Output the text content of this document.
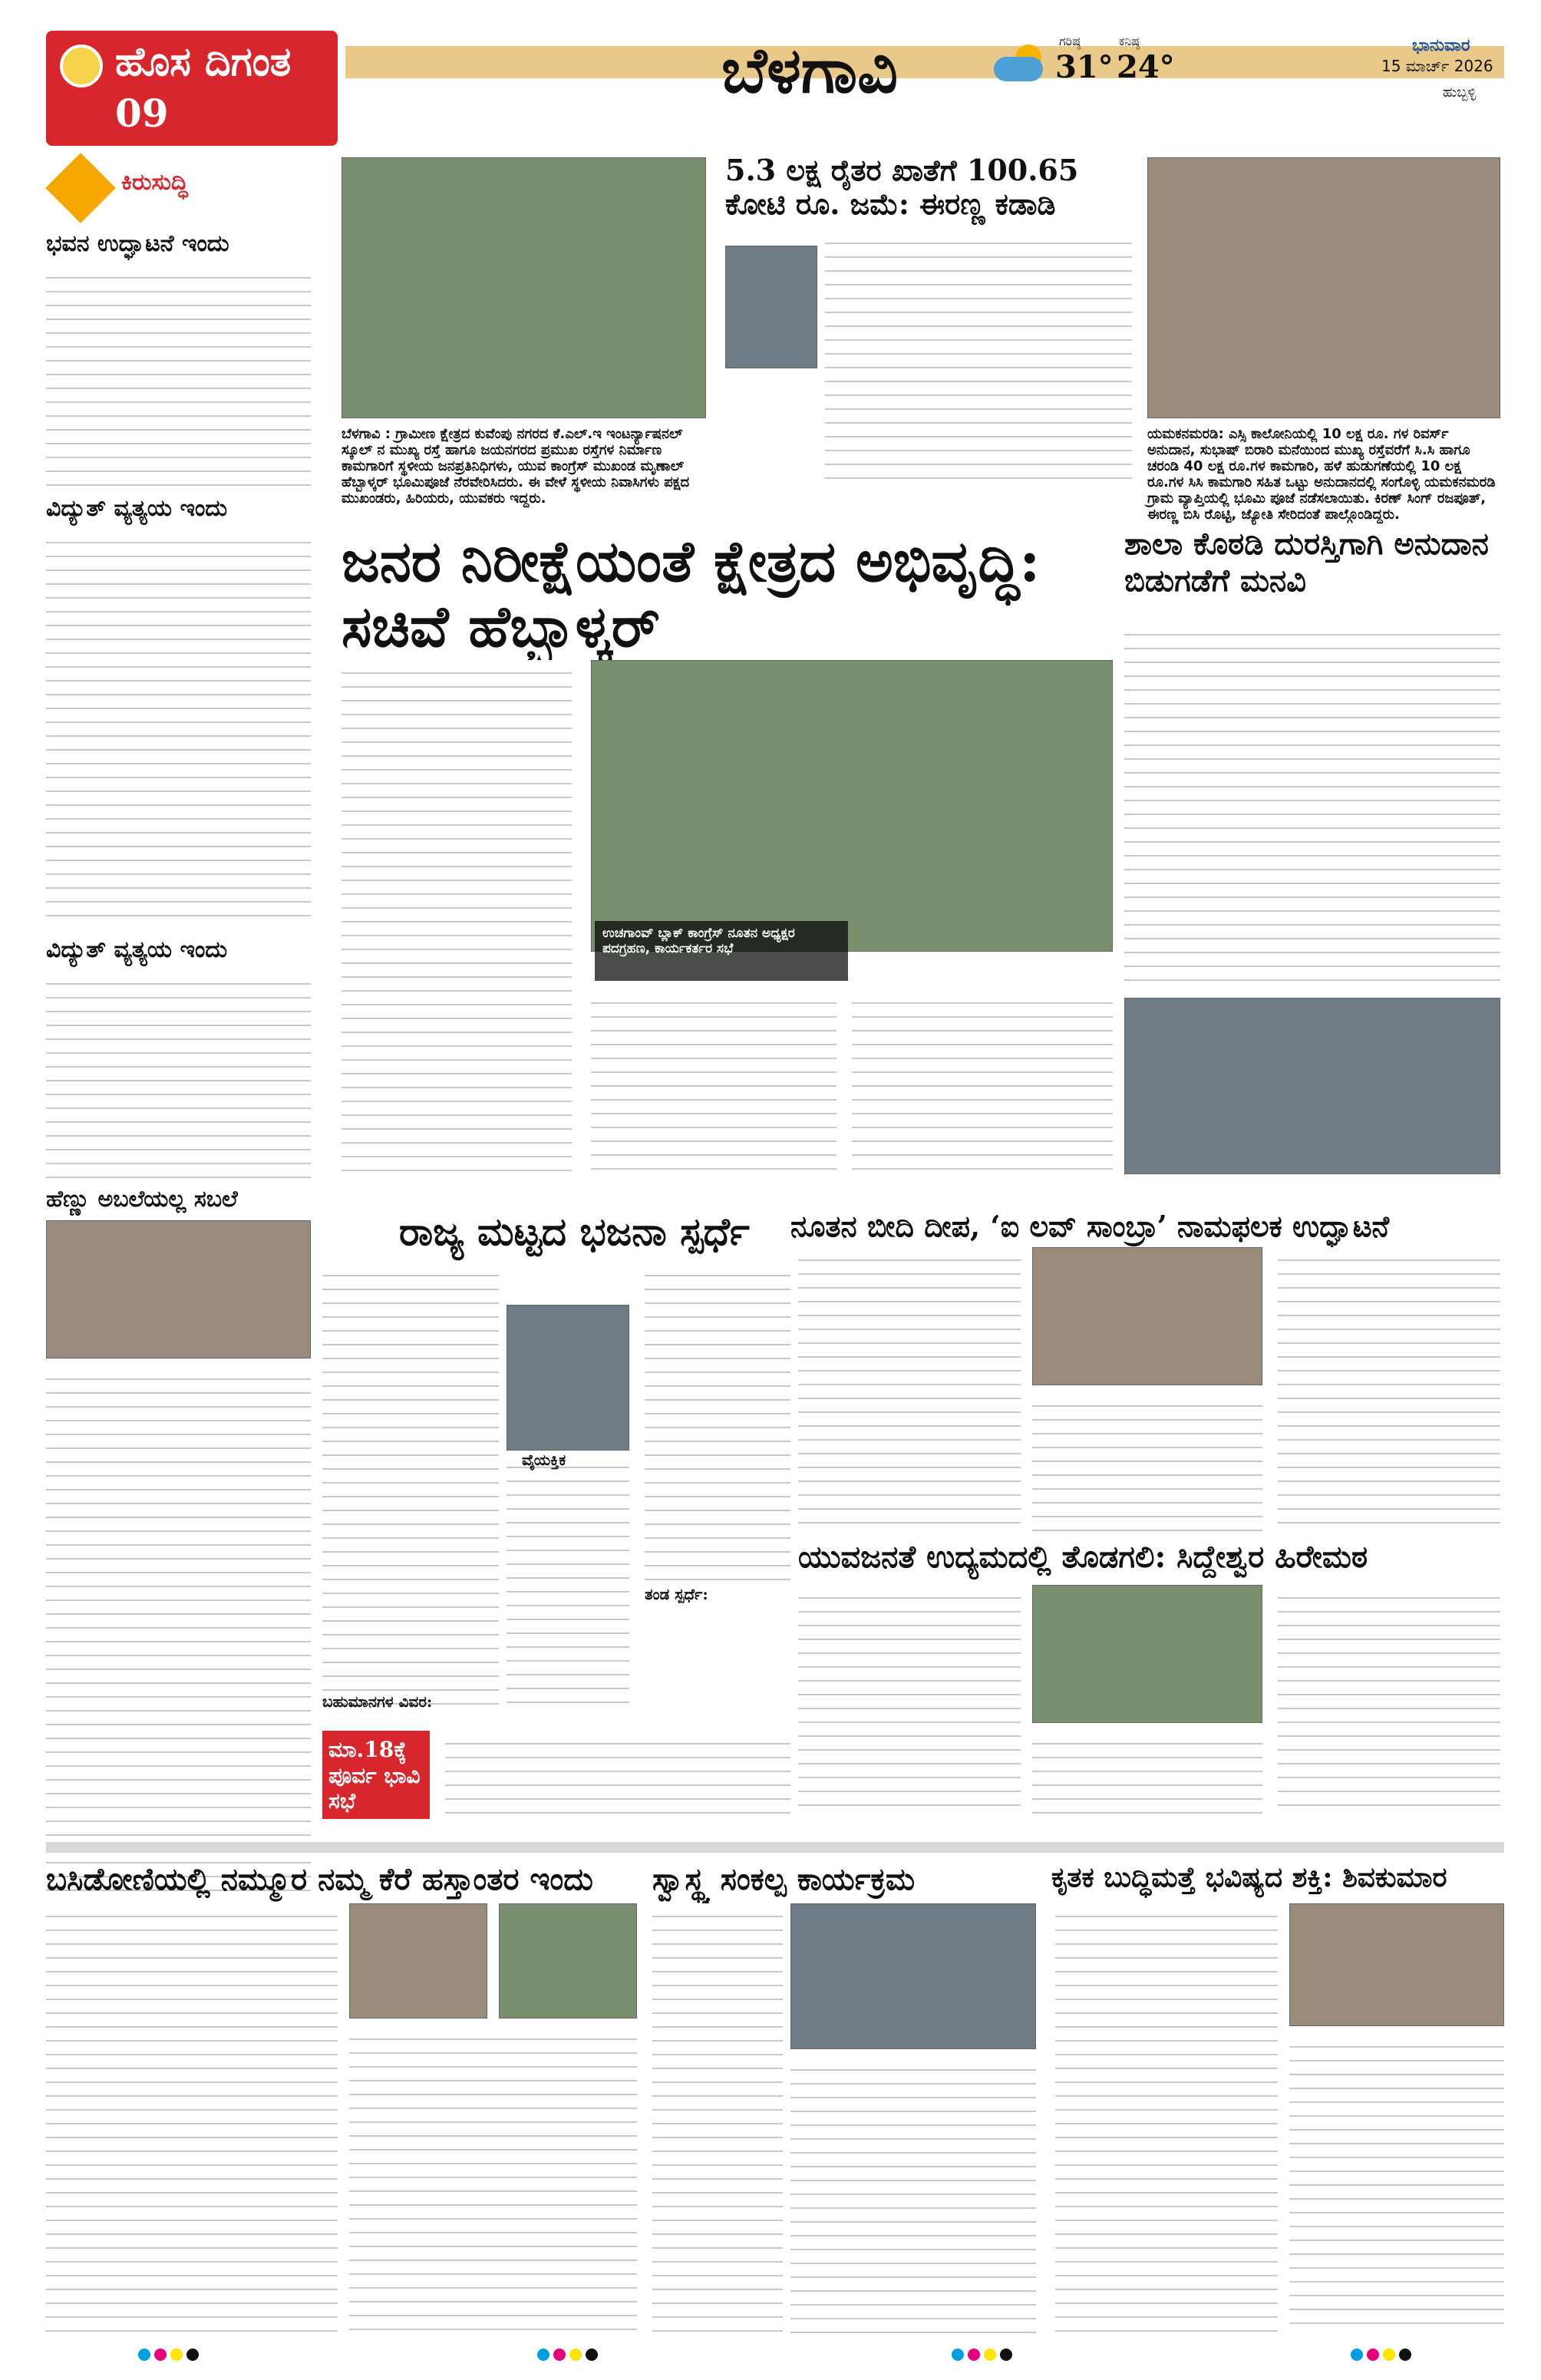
ಹೊಸ ದಿಗಂತ
09
ಬೆಳಗಾವಿ	ಗರಿಷ್ಠ
31°
ಕನಿಷ್ಠ
24°
ಭಾನುವಾರ
15 ಮಾರ್ಚ್ 2026
ಹುಬ್ಬಳ್ಳಿ
ಕಿರುಸುದ್ಧಿ
ಭವನ ಉದ್ಘಾಟನೆ ಇಂದು
ವಿದ್ಯುತ್ ವ್ಯತ್ಯಯ ಇಂದು
ವಿದ್ಯುತ್ ವ್ಯತ್ಯಯ ಇಂದು
ಹೆಣ್ಣು ಅಬಲೆಯಲ್ಲ ಸಬಲೆ
ಬೆಳಗಾವಿ : ಗ್ರಾಮೀಣ ಕ್ಷೇತ್ರದ ಕುವೆಂಪು ನಗರದ ಕೆ.ಎಲ್.ಇ ಇಂಟರ್ನ್ಯಾಷನಲ್ ಸ್ಕೂಲ್ ನ ಮುಖ್ಯ ರಸ್ತೆ ಹಾಗೂ ಜಯನಗರದ ಪ್ರಮುಖ ರಸ್ತೆಗಳ ನಿರ್ಮಾಣ ಕಾಮಗಾರಿಗೆ ಸ್ಥಳೀಯ ಜನಪ್ರತಿನಿಧಿಗಳು, ಯುವ ಕಾಂಗ್ರೆಸ್ ಮುಖಂಡ ಮೃಣಾಲ್ ಹೆಬ್ಬಾಳ್ಕರ್ ಭೂಮಿಪೂಜೆ ನೆರವೇರಿಸಿದರು. ಈ ವೇಳೆ ಸ್ಥಳೀಯ ನಿವಾಸಿಗಳು ಪಕ್ಷದ ಮುಖಂಡರು, ಹಿರಿಯರು, ಯುವಕರು ಇದ್ದರು.
5.3 ಲಕ್ಷ ರೈತರ ಖಾತೆಗೆ 100.65 ಕೋಟಿ ರೂ. ಜಮೆ: ಈರಣ್ಣ ಕಡಾಡಿ
ಯಮಕನಮರಡಿ: ಎಸ್ಸಿ ಕಾಲೋನಿಯಲ್ಲಿ 10 ಲಕ್ಷ ರೂ. ಗಳ ರಿವರ್ಸ್ ಅನುದಾನ, ಸುಭಾಷ್ ಬಿರಾರಿ ಮನೆಯಿಂದ ಮುಖ್ಯ ರಸ್ತೆವರೆಗೆ ಸಿ.ಸಿ ಹಾಗೂ ಚರಂಡಿ 40 ಲಕ್ಷ ರೂ.ಗಳ ಕಾಮಗಾರಿ, ಹಳೆ ಹುಡುಗಣೆಯಲ್ಲಿ 10 ಲಕ್ಷ ರೂ.ಗಳ ಸಿಸಿ ಕಾಮಗಾರಿ ಸಹಿತ ಒಟ್ಟು ಅನುದಾನದಲ್ಲಿ ಸಂಗೊಳ್ಳಿ ಯಮಕನಮರಡಿ ಗ್ರಾಮ ವ್ಯಾಪ್ತಿಯಲ್ಲಿ ಭೂಮಿ ಪೂಜೆ ನಡೆಸಲಾಯಿತು. ಕಿರಣ್ ಸಿಂಗ್ ರಜಪೂತ್, ಈರಣ್ಣ ಬಿಸಿ ರೊಟ್ಟಿ, ಜ್ಯೋತಿ ಸೇರಿದಂತೆ ಪಾಲ್ಗೊಂಡಿದ್ದರು.
ಜನರ ನಿರೀಕ್ಷೆಯಂತೆ ಕ್ಷೇತ್ರದ ಅಭಿವೃದ್ಧಿ: ಸಚಿವೆ ಹೆಬ್ಬಾಳ್ಕರ್
ಉಚಗಾಂವ್ ಬ್ಲಾಕ್ ಕಾಂಗ್ರೆಸ್ ನೂತನ ಅಧ್ಯಕ್ಷರ ಪದಗ್ರಹಣ, ಕಾರ್ಯಕರ್ತರ ಸಭೆ
ಶಾಲಾ ಕೊಠಡಿ ದುರಸ್ತಿಗಾಗಿ ಅನುದಾನ ಬಿಡುಗಡೆಗೆ ಮನವಿ
ರಾಜ್ಯ ಮಟ್ಟದ ಭಜನಾ ಸ್ಪರ್ಧೆ
ವೈಯಕ್ತಿಕ
ತಂಡ ಸ್ಪರ್ಧೆ:
ಬಹುಮಾನಗಳ ವಿವರ:
ಮಾ.18ಕ್ಕೆ ಪೂರ್ವ ಭಾವಿ ಸಭೆ
ನೂತನ ಬೀದಿ ದೀಪ, ‘ಐ ಲವ್ ಸಾಂಬ್ರಾ’ ನಾಮಫಲಕ ಉದ್ಘಾಟನೆ
ಯುವಜನತೆ ಉದ್ಯಮದಲ್ಲಿ ತೊಡಗಲಿ: ಸಿದ್ದೇಶ್ವರ ಹಿರೇಮಠ
ಬಸಿಡೋಣಿಯಲ್ಲಿ ನಮ್ಮೂರ ನಮ್ಮ ಕೆರೆ ಹಸ್ತಾಂತರ ಇಂದು	ಸ್ವಾಸ್ಥ್ಯ ಸಂಕಲ್ಪ ಕಾರ್ಯಕ್ರಮ	ಕೃತಕ ಬುದ್ಧಿಮತ್ತೆ ಭವಿಷ್ಯದ ಶಕ್ತಿ: ಶಿವಕುಮಾರ
